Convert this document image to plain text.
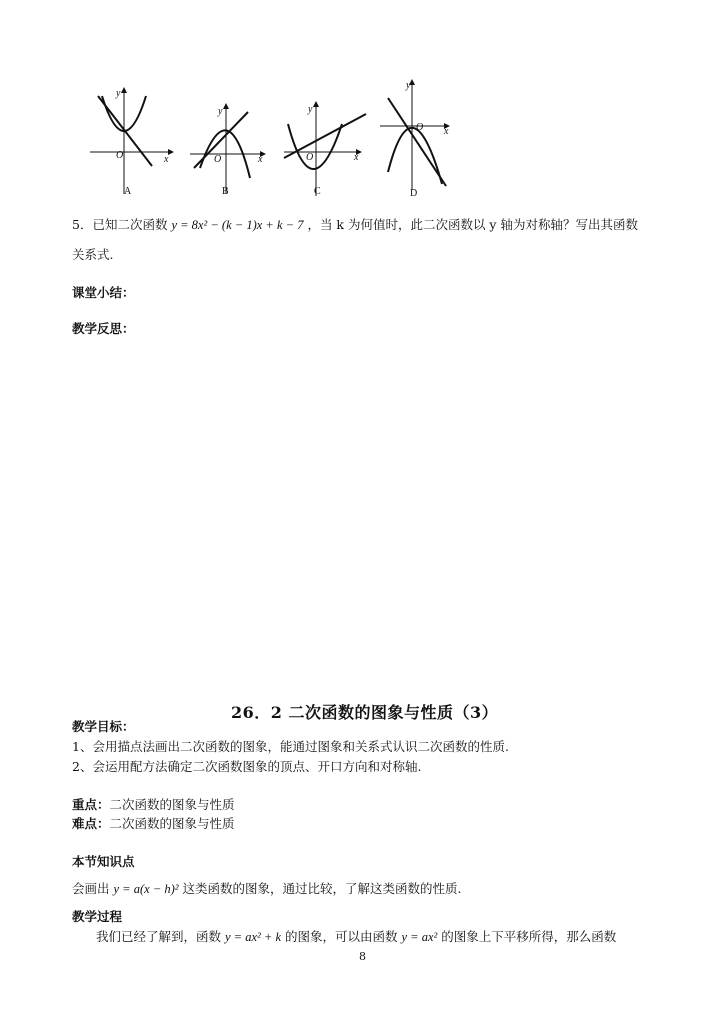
y
x
O
A
y
x
O
B
y
x
O
C
y
x
O
D
5．已知二次函数 y = 8x² − (k − 1)x + k − 7 ，当 k 为何值时，此二次函数以 y 轴为对称轴？写出其函数
关系式.
课堂小结：
教学反思：
26．2 二次函数的图象与性质（3）
教学目标：
1、会用描点法画出二次函数的图象，能通过图象和关系式认识二次函数的性质.
2、会运用配方法确定二次函数图象的顶点、开口方向和对称轴.
重点：二次函数的图象与性质
难点：二次函数的图象与性质
本节知识点
会画出 y = a(x − h)² 这类函数的图象，通过比较，了解这类函数的性质.
教学过程
我们已经了解到，函数 y = ax² + k 的图象，可以由函数 y = ax² 的图象上下平移所得，那么函数
8
